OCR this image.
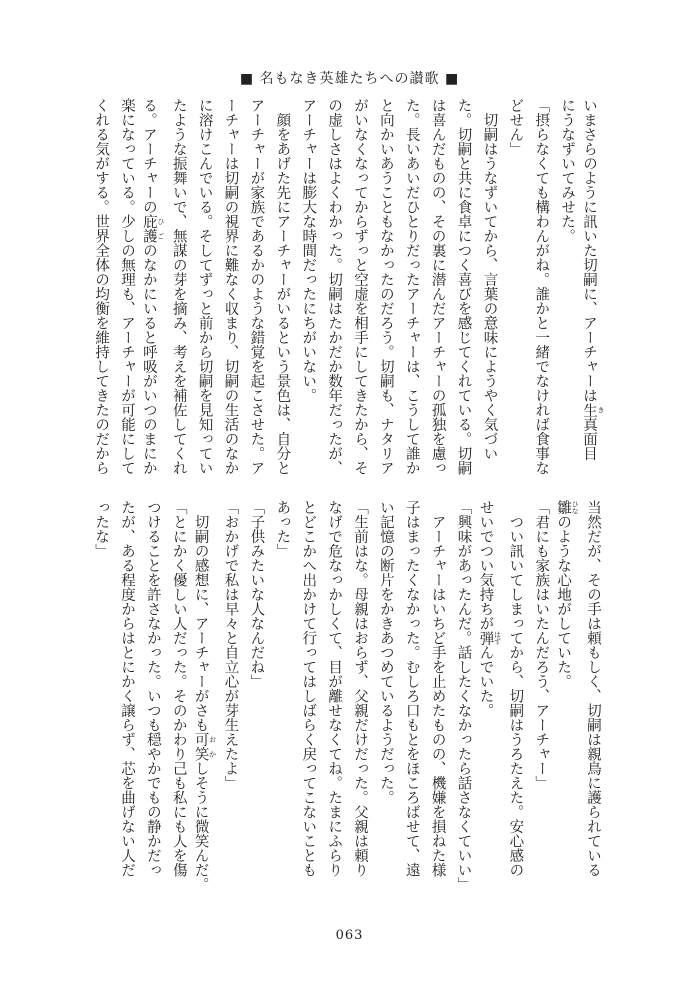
■ 名もなき英雄たちへの讃歌 ■
いまさらのように訊いた切嗣に、アーチャーは生 き真面目
にうなずいてみせた。
「摂らなくても構わんがね。誰かと一緒でなければ食事な
どせん」
　切嗣はうなずいてから、言葉の意味にようやく気づい
た。切嗣と共に食卓につく喜びを感じてくれている。切嗣
は喜んだものの、その裏に潜んだアーチャーの孤独を慮っ
た。長いあいだひとりだったアーチャーは、こうして誰か
と向かいあうこともなかったのだろう。切嗣も、ナタリア
がいなくなってからずっと空虚を相手にしてきたから、そ
の虚しさはよくわかった。切嗣はたかだか数年だったが、
アーチャーは膨大な時間だったにちがいない。
　顔をあげた先にアーチャーがいるという景色は、自分と
アーチャーが家族であるかのような錯覚を起こさせた。ア
ーチャーは切嗣の視界に難なく収まり、切嗣の生活のなか
に溶けこんでいる。そしてずっと前から切嗣を見知ってい
たような振舞いで、無謀の芽を摘み、考えを補佐してくれ
る。アーチャーの庇護 ひごのなかにいると呼吸がいつのまにか
楽になっている。少しの無理も、アーチャーが可能にして
くれる気がする。世界全体の均衡を維持してきたのだから
当然だが、その手は頼もしく、切嗣は親鳥に護られている
雛 ひなのような心地がしていた。
「君にも家族はいたんだろう、アーチャー」
　つい訊いてしまってから、切嗣はうろたえた。安心感の
せいでつい気持ちが弾 はずんでいた。
「興味があったんだ。話したくなかったら話さなくていい」
　アーチャーはいちど手を止めたものの、機嫌を損ねた様
子はまったくなかった。むしろ口もとをほころばせて、遠
い記憶の断片をかきあつめているようだった。
「生前はな。母親はおらず、父親だけだった。父親は頼り
なげで危なっかしくて、目が離せなくてね。たまにふらり
とどこかへ出かけて行ってはしばらく戻ってこないことも
あった」
「子供みたいな人なんだね」
「おかげで私は早々と自立心が芽生えたよ」
　切嗣の感想に、アーチャーがさも可笑 おかしそうに微笑んだ。
「とにかく優しい人だった。そのかわり己も私にも人を傷
つけることを許さなかった。いつも穏やかでもの静かだっ
たが、ある程度からはとにかく譲らず、芯を曲げない人だ
ったな」
063
